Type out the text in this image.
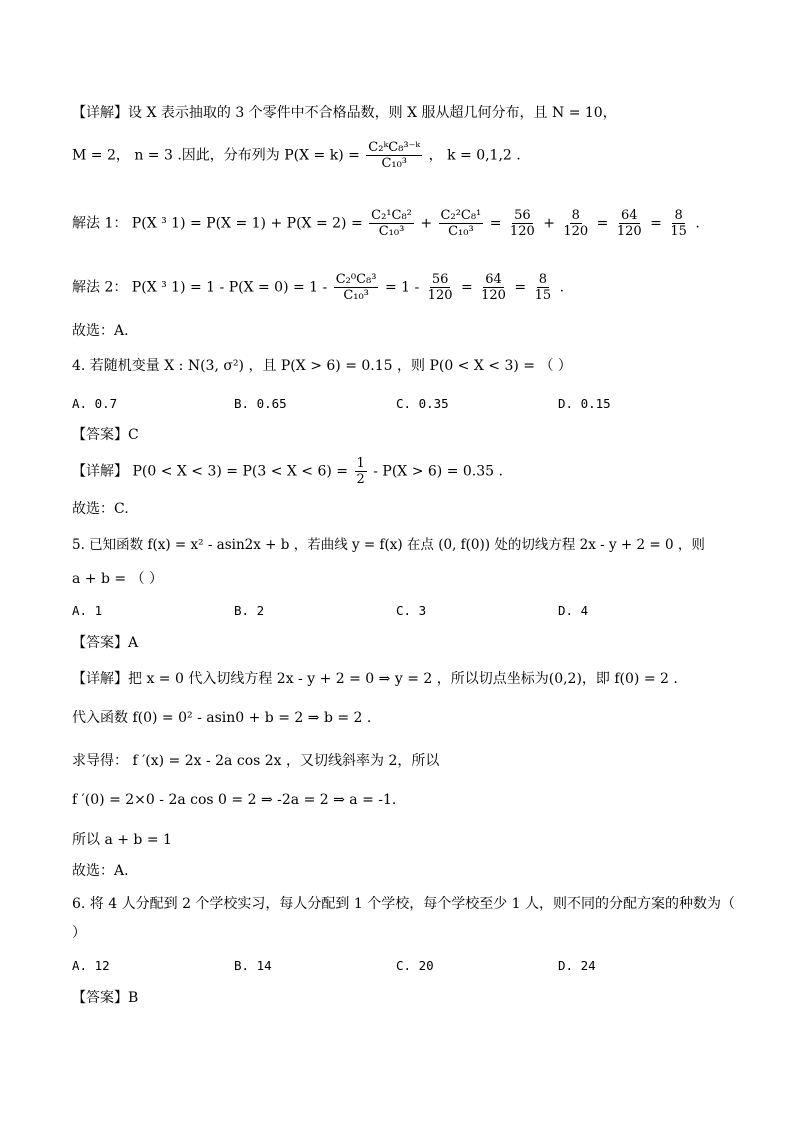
【详解】设 X 表示抽取的 3 个零件中不合格品数，则 X 服从超几何分布，且 N = 10，
M = 2， n = 3 .因此，分布列为 $P(X = k) = \frac{\text{C₂ᵏC₈³⁻ᵏ}}{\text{C₁₀³}}$ ， k = 0,1,2 .
解法 1： P(X ³ $1) = P(X = 1) + P(X = 2) = \frac{\text{C₂¹C₈²}}{\text{C₁₀³}} + \frac{\text{C₂²C₈¹}}{\text{C₁₀³}} = \frac{56}{120} + \frac{8}{120} = \frac{64}{120} = \frac{8}{15}$ .
解法 2： P(X ³ $1) = 1 - P(X = 0) = 1 - \frac{\text{C₂⁰C₈³}}{\text{C₁₀³}} = 1 - \frac{56}{120} = \frac{64}{120} = \frac{8}{15}$ .
故选：A.
4. 若随机变量 X : N(3, σ²) ，且 P(X > 6) = 0.15 ，则 P(0 < X < 3) = （ ）
A. 0.7	B. 0.65	C. 0.35	D. 0.15
【答案】C
【详解】 $P(0 < X < 3) = P(3 < X < 6) = \frac{1}{2} - P(X > 6) = 0.35$ .
故选：C.
5. 已知函数 f(x) = x² - asin2x + b ，若曲线 y = f(x) 在点 (0, f(0)) 处的切线方程 2x - y + 2 = 0 ，则
a + b = （ ）
A. 1	B. 2	C. 3	D. 4
【答案】A
【详解】把 x = 0 代入切线方程 2x - y + 2 = 0 ⇒ y = 2 ，所以切点坐标为(0,2)，即 f(0) = 2 .
代入函数 f(0) = 0² - asin0 + b = 2 ⇒ b = 2 .
求导得： f ′(x) = 2x - 2a cos 2x ，又切线斜率为 2，所以
f ′(0) = 2×0 - 2a cos 0 = 2 ⇒ -2a = 2 ⇒ a = -1.
所以 a + b = 1
故选：A.
6. 将 4 人分配到 2 个学校实习，每人分配到 1 个学校，每个学校至少 1 人，则不同的分配方案的种数为（
）
A. 12	B. 14	C. 20	D. 24
【答案】B
